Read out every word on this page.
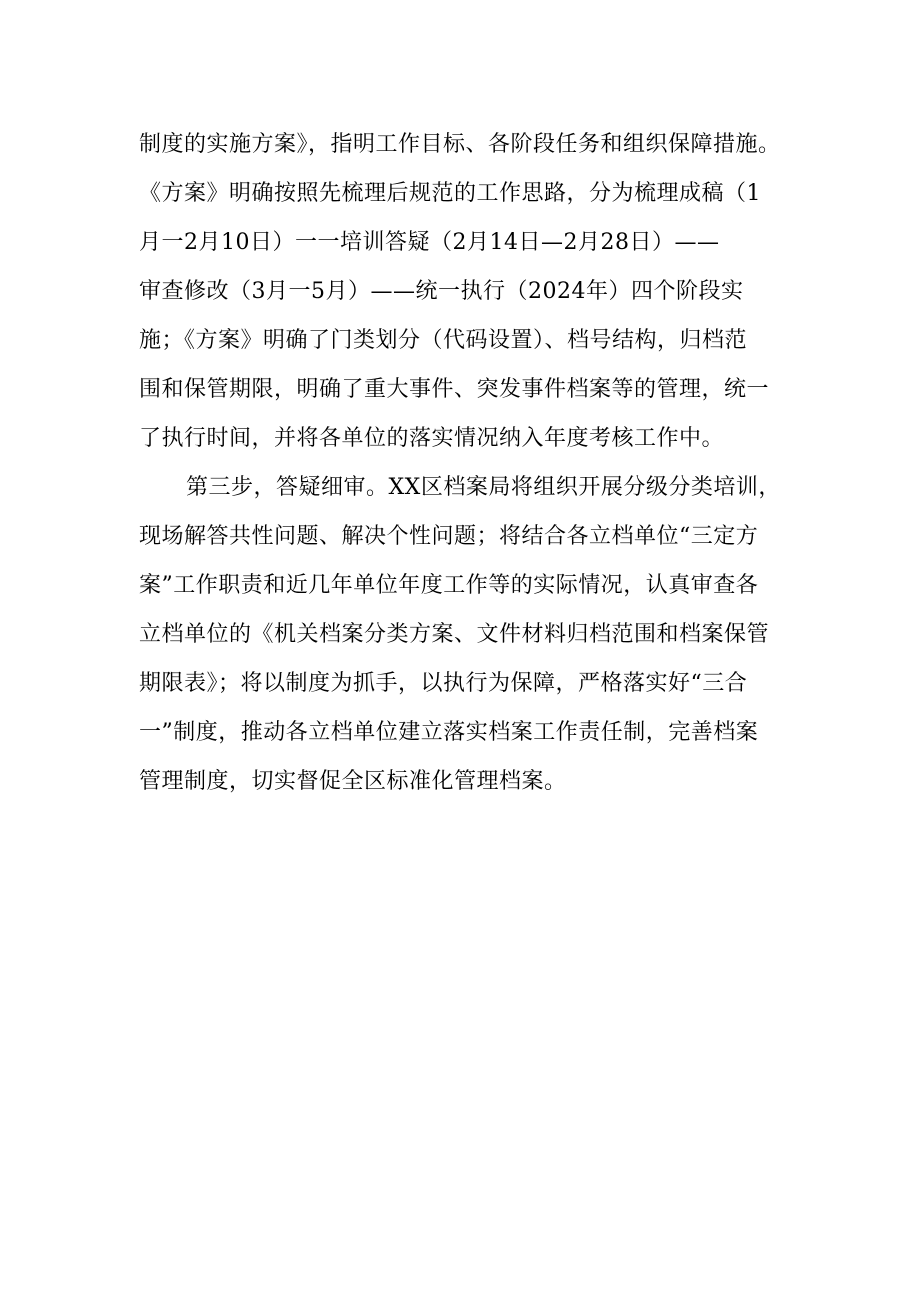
制度的实施方案》，指明工作目标、各阶段任务和组织保障措施。
《方案》明确按照先梳理后规范的工作思路，分为梳理成稿（1
月一2月10日）一一培训答疑（2月14日—2月28日）——
审查修改（3月一5月）——统一执行（2024年）四个阶段实
施；《方案》明确了门类划分（代码设置）、档号结构，归档范
围和保管期限，明确了重大事件、突发事件档案等的管理，统一
了执行时间，并将各单位的落实情况纳入年度考核工作中。
第三步，答疑细审。XX区档案局将组织开展分级分类培训，
现场解答共性问题、解决个性问题；将结合各立档单位“三定方
案”工作职责和近几年单位年度工作等的实际情况，认真审查各
立档单位的《机关档案分类方案、文件材料归档范围和档案保管
期限表》；将以制度为抓手，以执行为保障，严格落实好“三合
一”制度，推动各立档单位建立落实档案工作责任制，完善档案
管理制度，切实督促全区标准化管理档案。
